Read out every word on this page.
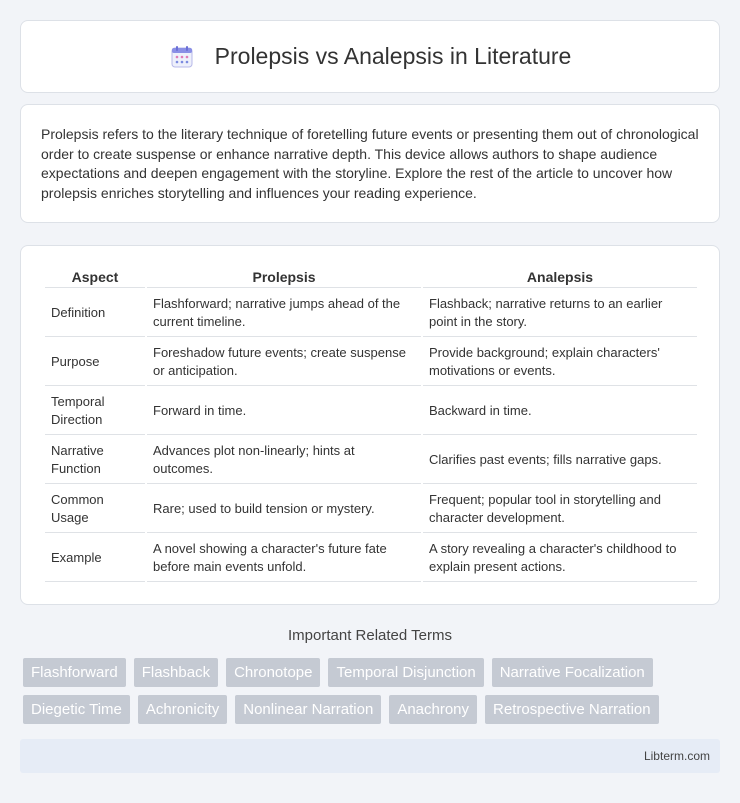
Prolepsis vs Analepsis in Literature

Prolepsis refers to the literary technique of foretelling future events or presenting them out of chronological order to create suspense or enhance narrative depth. This device allows authors to shape audience expectations and deepen engagement with the storyline. Explore the rest of the article to uncover how prolepsis enriches storytelling and influences your reading experience.

Aspect	Prolepsis	Analepsis
Definition	Flashforward; narrative jumps ahead of the current timeline.	Flashback; narrative returns to an earlier point in the story.
Purpose	Foreshadow future events; create suspense or anticipation.	Provide background; explain characters' motivations or events.
Temporal Direction	Forward in time.	Backward in time.
Narrative Function	Advances plot non-linearly; hints at outcomes.	Clarifies past events; fills narrative gaps.
Common Usage	Rare; used to build tension or mystery.	Frequent; popular tool in storytelling and character development.
Example	A novel showing a character's future fate before main events unfold.	A story revealing a character's childhood to explain present actions.
Important Related Terms
Flashforward	Flashback	Chronotope	Temporal Disjunction	Narrative Focalization
Diegetic Time	Achronicity	Nonlinear Narration	Anachrony	Retrospective Narration
Libterm.com
